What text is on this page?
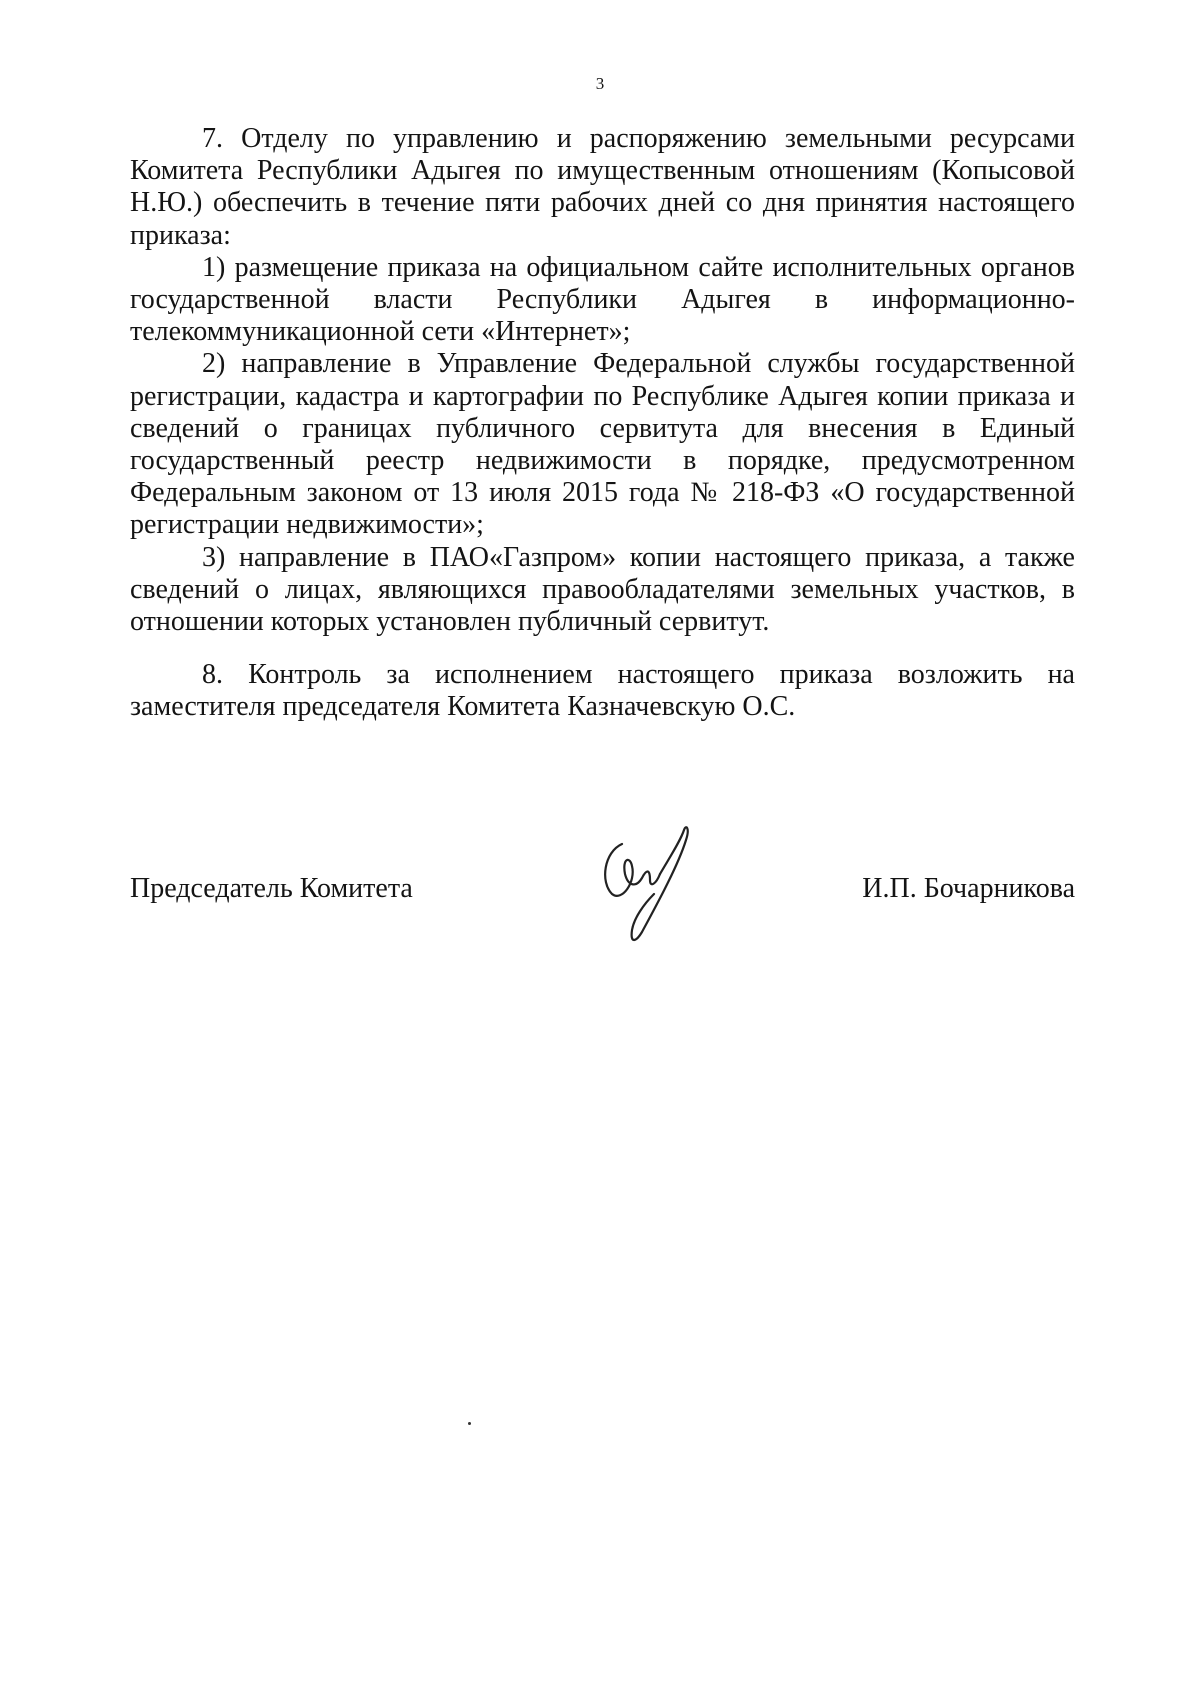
3

7. Отделу по управлению и распоряжению земельными ресурсами Комитета Республики Адыгея по имущественным отношениям (Копысовой Н.Ю.) обеспечить в течение пяти рабочих дней со дня принятия настоящего приказа:

1) размещение приказа на официальном сайте исполнительных органов государственной власти Республики Адыгея в информационно-телекоммуникационной сети «Интернет»;

2) направление в Управление Федеральной службы государственной регистрации, кадастра и картографии по Республике Адыгея копии приказа и сведений о границах публичного сервитута для внесения в Единый государственный реестр недвижимости в порядке, предусмотренном Федеральным законом от 13 июля 2015 года № 218-ФЗ «О государственной регистрации недвижимости»;

3) направление в ПАО«Газпром» копии настоящего приказа, а также сведений о лицах, являющихся правообладателями земельных участков, в отношении которых установлен публичный сервитут.

8. Контроль за исполнением настоящего приказа возложить на заместителя председателя Комитета Казначевскую О.С.

Председатель Комитета	И.П. Бочарникова
